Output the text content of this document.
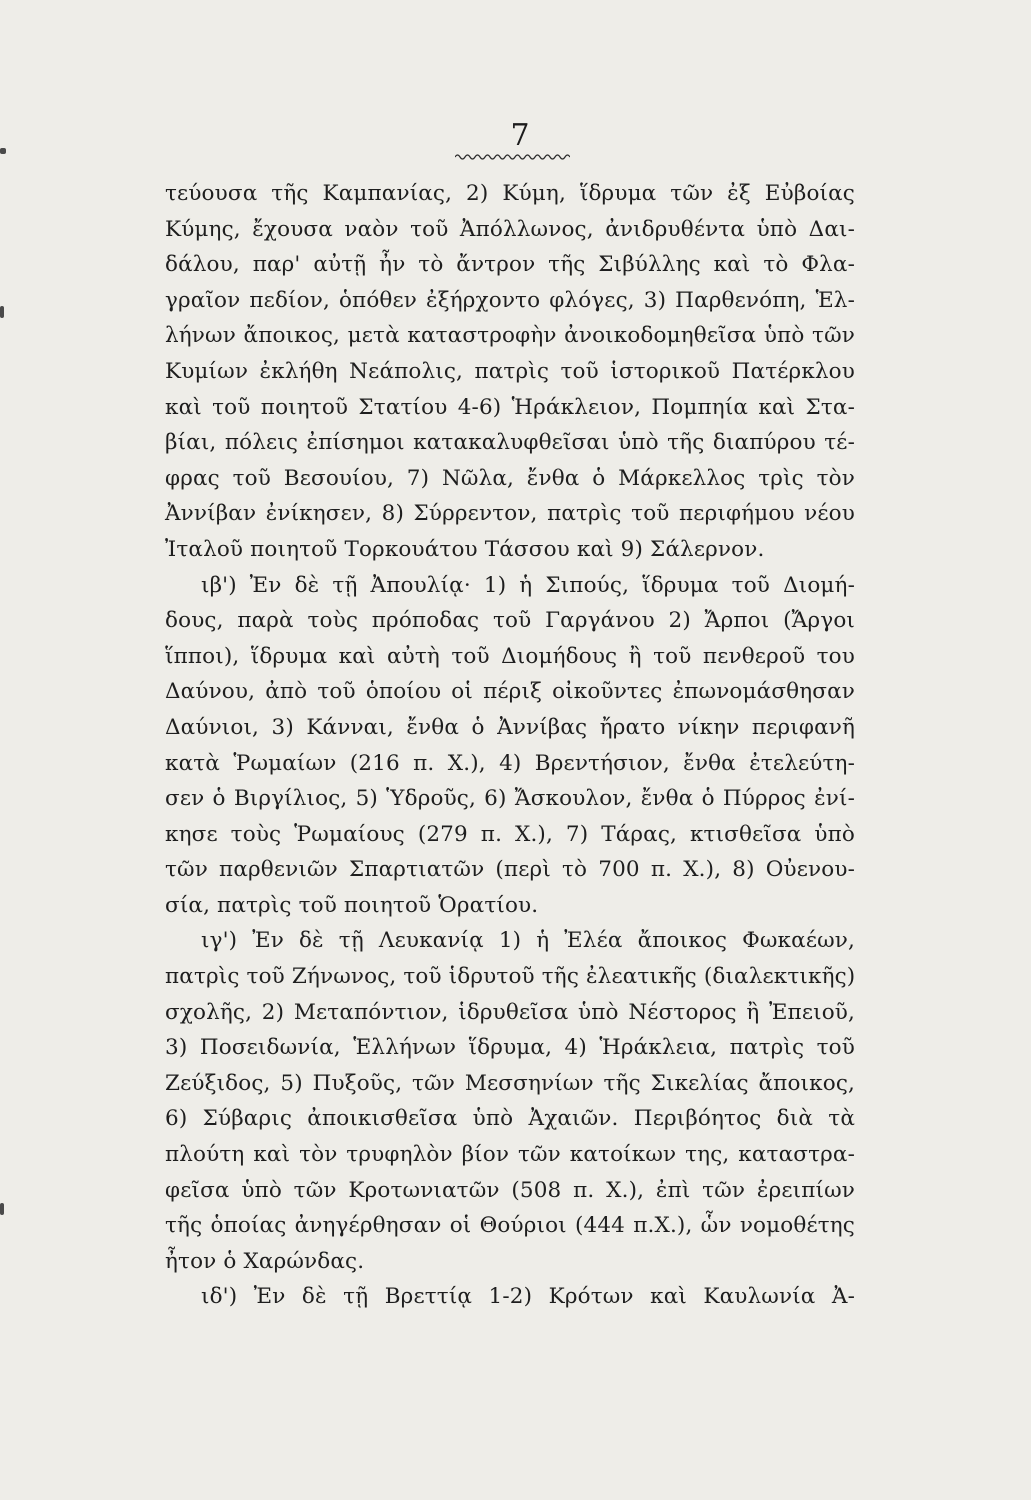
7
τεύουσα τῆς Καμπανίας, 2) Κύμη, ἵδρυμα τῶν ἐξ Εὐβοίας
Κύμης, ἔχουσα ναὸν τοῦ Ἀπόλλωνος, ἀνιδρυθέντα ὑπὸ Δαι-
δάλου, παρ' αὐτῇ ἦν τὸ ἄντρον τῆς Σιβύλλης καὶ τὸ Φλα-
γραῖον πεδίον, ὁπόθεν ἐξήρχοντο φλόγες, 3) Παρθενόπη, Ἑλ-
λήνων ἄποικος, μετὰ καταστροφὴν ἀνοικοδομηθεῖσα ὑπὸ τῶν
Κυμίων ἐκλήθη Νεάπολις, πατρὶς τοῦ ἱστορικοῦ Πατέρκλου
καὶ τοῦ ποιητοῦ Στατίου 4-6) Ἡράκλειον, Πομπηία καὶ Στα-
βίαι, πόλεις ἐπίσημοι κατακαλυφθεῖσαι ὑπὸ τῆς διαπύρου τέ-
φρας τοῦ Βεσουίου, 7) Νῶλα, ἔνθα ὁ Μάρκελλος τρὶς τὸν
Ἀννίβαν ἐνίκησεν, 8) Σύρρεντον, πατρὶς τοῦ περιφήμου νέου
Ἰταλοῦ ποιητοῦ Τορκουάτου Τάσσου καὶ 9) Σάλερνον.
ιβ') Ἐν δὲ τῇ Ἀπουλίᾳ· 1) ἡ Σιπούς, ἵδρυμα τοῦ Διομή-
δους, παρὰ τοὺς πρόποδας τοῦ Γαργάνου 2) Ἄρποι (Ἄργοι
ἵπποι), ἵδρυμα καὶ αὐτὴ τοῦ Διομήδους ἢ τοῦ πενθεροῦ του
Δαύνου, ἀπὸ τοῦ ὁποίου οἱ πέριξ οἰκοῦντες ἐπωνομάσθησαν
Δαύνιοι, 3) Κάνναι, ἔνθα ὁ Ἀννίβας ἤρατο νίκην περιφανῆ
κατὰ Ῥωμαίων (216 π. Χ.), 4) Βρεντήσιον, ἔνθα ἐτελεύτη-
σεν ὁ Βιργίλιος, 5) Ὑδροῦς, 6) Ἄσκουλον, ἔνθα ὁ Πύρρος ἐνί-
κησε τοὺς Ῥωμαίους (279 π. Χ.), 7) Τάρας, κτισθεῖσα ὑπὸ
τῶν παρθενιῶν Σπαρτιατῶν (περὶ τὸ 700 π. Χ.), 8) Οὐενου-
σία, πατρὶς τοῦ ποιητοῦ Ὁρατίου.
ιγ') Ἐν δὲ τῇ Λευκανίᾳ 1) ἡ Ἐλέα ἄποικος Φωκαέων,
πατρὶς τοῦ Ζήνωνος, τοῦ ἱδρυτοῦ τῆς ἐλεατικῆς (διαλεκτικῆς)
σχολῆς, 2) Μεταπόντιον, ἱδρυθεῖσα ὑπὸ Νέστορος ἢ Ἐπειοῦ,
3) Ποσειδωνία, Ἑλλήνων ἵδρυμα, 4) Ἡράκλεια, πατρὶς τοῦ
Ζεύξιδος, 5) Πυξοῦς, τῶν Μεσσηνίων τῆς Σικελίας ἄποικος,
6) Σύβαρις ἀποικισθεῖσα ὑπὸ Ἀχαιῶν. Περιβόητος διὰ τὰ
πλούτη καὶ τὸν τρυφηλὸν βίον τῶν κατοίκων της, καταστρα-
φεῖσα ὑπὸ τῶν Κροτωνιατῶν (508 π. Χ.), ἐπὶ τῶν ἐρειπίων
τῆς ὁποίας ἀνηγέρθησαν οἱ Θούριοι (444 π.Χ.), ὧν νομοθέτης
ἦτον ὁ Χαρώνδας.
ιδ') Ἐν δὲ τῇ Βρεττίᾳ 1-2) Κρότων καὶ Καυλωνία Ἀ-
